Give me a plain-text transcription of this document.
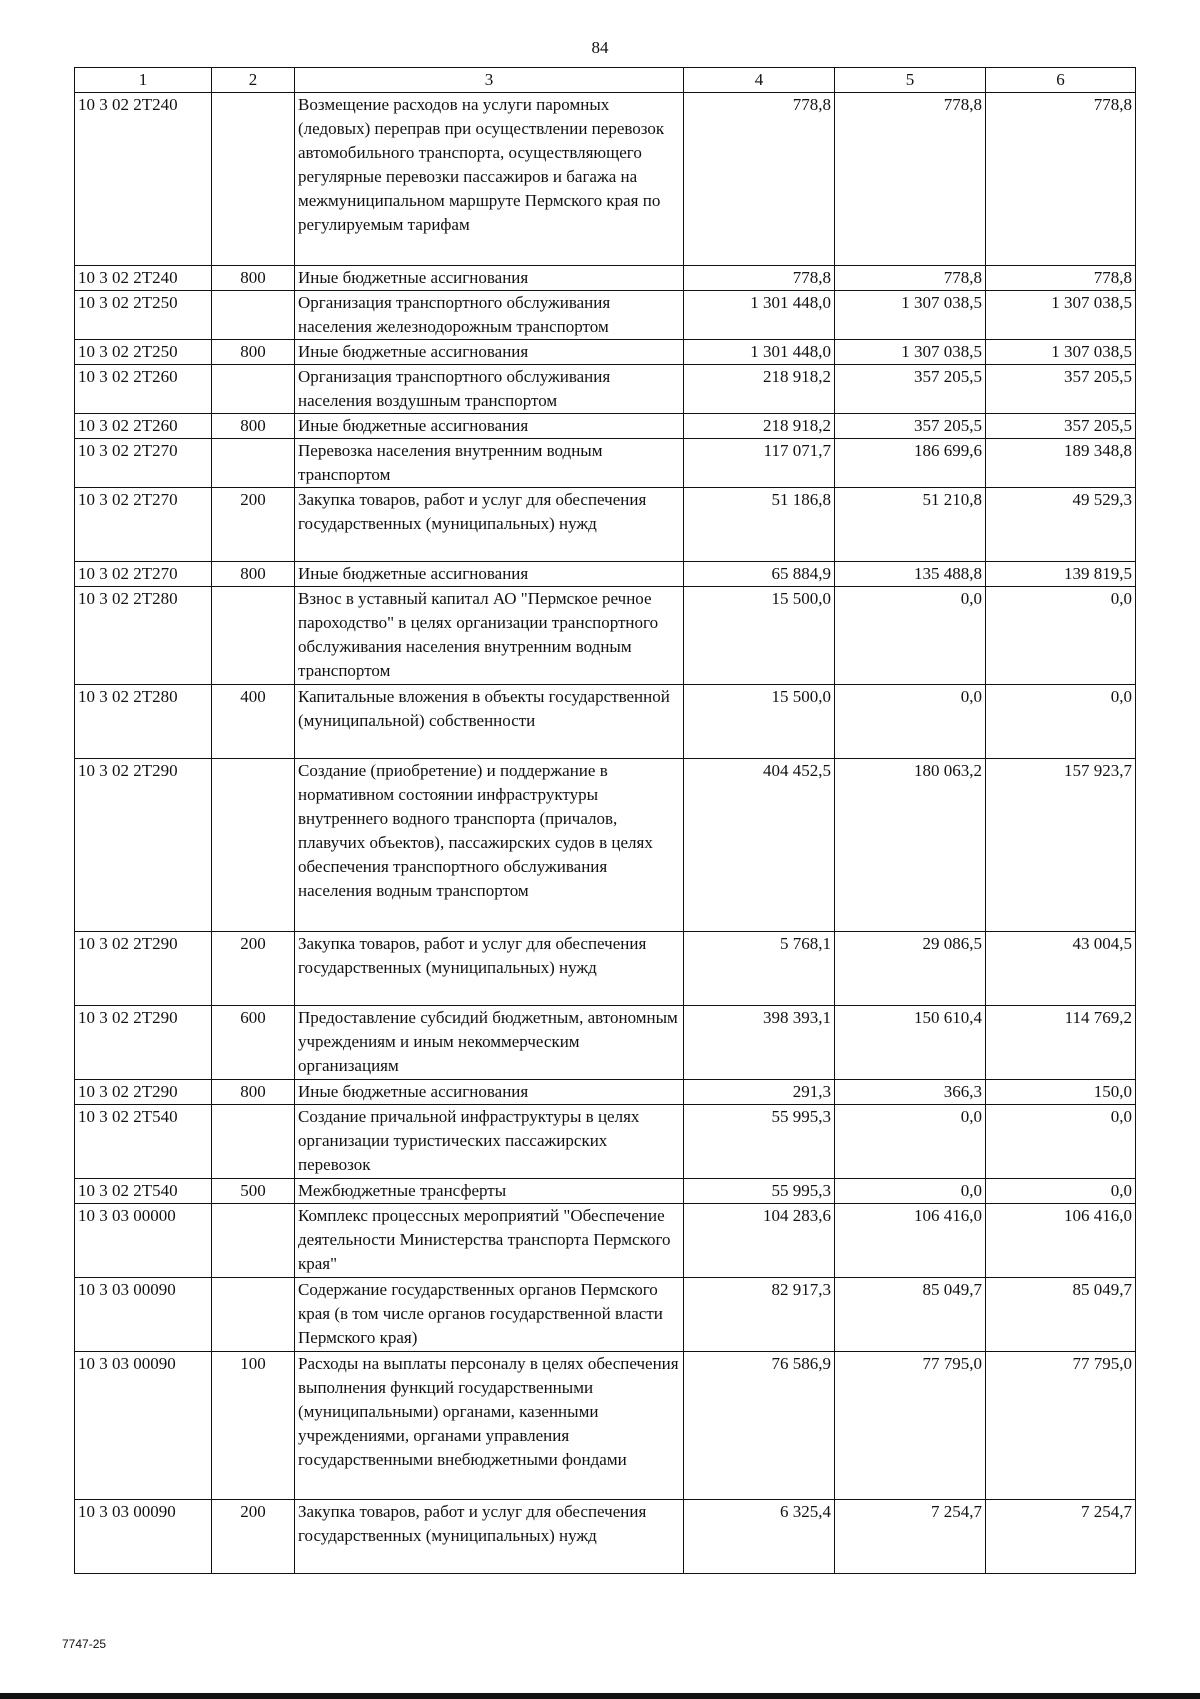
84
1	2	3	4	5	6
10 3 02 2Т240		Возмещение расходов на услуги паромных (ледовых) переправ при осуществлении перевозок автомобильного транспорта, осуществляющего регулярные перевозки пассажиров и багажа на межмуниципальном маршруте Пермского края по регулируемым тарифам	778,8	778,8	778,8
10 3 02 2Т240	800	Иные бюджетные ассигнования	778,8	778,8	778,8
10 3 02 2Т250		Организация транспортного обслуживания населения железнодорожным транспортом	1 301 448,0	1 307 038,5	1 307 038,5
10 3 02 2Т250	800	Иные бюджетные ассигнования	1 301 448,0	1 307 038,5	1 307 038,5
10 3 02 2Т260		Организация транспортного обслуживания населения воздушным транспортом	218 918,2	357 205,5	357 205,5
10 3 02 2Т260	800	Иные бюджетные ассигнования	218 918,2	357 205,5	357 205,5
10 3 02 2Т270		Перевозка населения внутренним водным транспортом	117 071,7	186 699,6	189 348,8
10 3 02 2Т270	200	Закупка товаров, работ и услуг для обеспечения государственных (муниципальных) нужд	51 186,8	51 210,8	49 529,3
10 3 02 2Т270	800	Иные бюджетные ассигнования	65 884,9	135 488,8	139 819,5
10 3 02 2Т280		Взнос в уставный капитал АО "Пермское речное пароходство" в целях организации транспортного обслуживания населения внутренним водным транспортом	15 500,0	0,0	0,0
10 3 02 2Т280	400	Капитальные вложения в объекты государственной (муниципальной) собственности	15 500,0	0,0	0,0
10 3 02 2Т290		Создание (приобретение) и поддержание в нормативном состоянии инфраструктуры внутреннего водного транспорта (причалов, плавучих объектов), пассажирских судов в целях обеспечения транспортного обслуживания населения водным транспортом	404 452,5	180 063,2	157 923,7
10 3 02 2Т290	200	Закупка товаров, работ и услуг для обеспечения государственных (муниципальных) нужд	5 768,1	29 086,5	43 004,5
10 3 02 2Т290	600	Предоставление субсидий бюджетным, автономным учреждениям и иным некоммерческим организациям	398 393,1	150 610,4	114 769,2
10 3 02 2Т290	800	Иные бюджетные ассигнования	291,3	366,3	150,0
10 3 02 2Т540		Создание причальной инфраструктуры в целях организации туристических пассажирских перевозок	55 995,3	0,0	0,0
10 3 02 2Т540	500	Межбюджетные трансферты	55 995,3	0,0	0,0
10 3 03 00000		Комплекс процессных мероприятий "Обеспечение деятельности Министерства транспорта Пермского края"	104 283,6	106 416,0	106 416,0
10 3 03 00090		Содержание государственных органов Пермского края (в том числе органов государственной власти Пермского края)	82 917,3	85 049,7	85 049,7
10 3 03 00090	100	Расходы на выплаты персоналу в целях обеспечения выполнения функций государственными (муниципальными) органами, казенными учреждениями, органами управления государственными внебюджетными фондами	76 586,9	77 795,0	77 795,0
10 3 03 00090	200	Закупка товаров, работ и услуг для обеспечения государственных (муниципальных) нужд	6 325,4	7 254,7	7 254,7
7747-25
